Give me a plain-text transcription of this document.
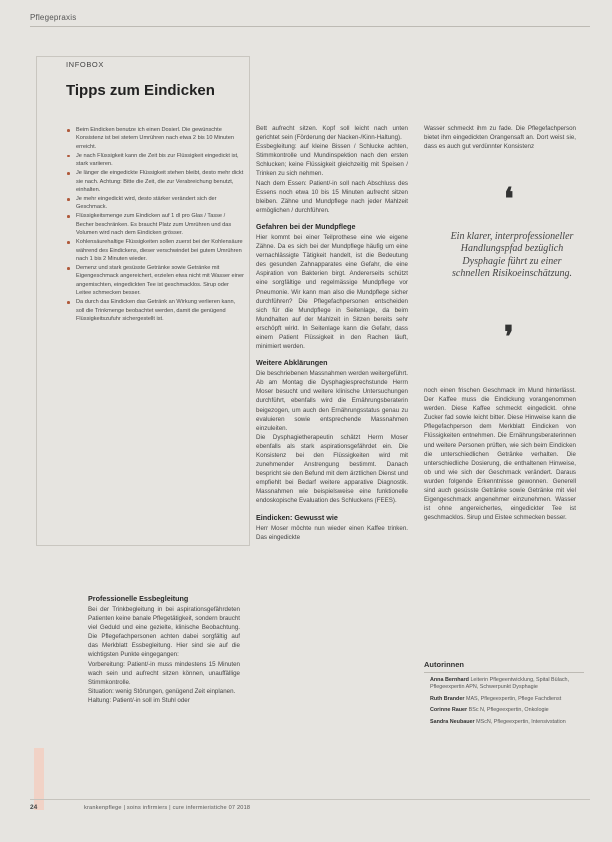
Pflegepraxis
INFOBOX
Tipps zum Eindicken
Beim Eindicken benutze ich einen Dosierl. Die gewünschte Konsistenz ist bei stetem Umrühren nach etwa 2 bis 10 Minuten erreicht.
Je nach Flüssigkeit kann die Zeit bis zur Flüssigkeit eingedickt ist, stark variieren.
Je länger die eingedickte Flüssigkeit stehen bleibt, desto mehr dickt sie nach. Achtung: Bitte die Zeit, die zur Verabreichung benutzt, einhalten.
Je mehr eingedickt wird, desto stärker verändert sich der Geschmack.
Flüssigkeitsmenge zum Eindicken auf 1 dl pro Glas / Tasse / Becher beschränken. Es braucht Platz zum Umrühren und das Volumen wird nach dem Eindicken grösser.
Kohlensäurehaltige Flüssigkeiten sollen zuerst bei der Kohlensäure während des Eindickens, dieser verschwindet bei gutem Umrühren nach 1 bis 2 Minuten wieder.
Demenz und stark gesüsste Getränke sowie Getränke mit Eigengeschmack angereichert, erzielen etwa nicht mit Wasser einer angemischten, eingedickten Tee ist geschmacklos. Sirup oder Leitee schmecken besser.
Da durch das Eindicken das Getränk an Wirkung verlieren kann, soll die Trinkmenge beobachtet werden, damit die genügend Flüssigkeitszufuhr sichergestellt ist.
Professionelle Essbegleitung

Bei der Trinkbegleitung in bei aspirationsgefährdeten Patienten keine banale Pflegetätigkeit, sondern braucht viel Geduld und eine gezielte, klinische Beobachtung. Die Pflegefachpersonen achten dabei sorgfältig auf das Merkblatt Essbegleitung. Hier sind sie auf die wichtigsten Punkte eingegangen:

Vorbereitung: Patient/-in muss mindestens 15 Minuten wach sein und aufrecht sitzen können, unauffällige Stimmkontrolle.

Situation: wenig Störungen, genügend Zeit einplanen.

Haltung: Patient/-in soll im Stuhl oder

Bett aufrecht sitzen. Kopf soll leicht nach unten gerichtet sein (Förderung der Nacken-/Kinn-Haltung).

Essbegleitung: auf kleine Bissen / Schlucke achten, Stimmkontrolle und Mundinspektion nach den ersten Schlucken; keine Flüssigkeit gleichzeitig mit Speisen / Trinken zu sich nehmen.

Nach dem Essen: Patient/-in soll nach Abschluss des Essens noch etwa 10 bis 15 Minuten aufrecht sitzen bleiben. Zähne und Mundpflege nach jeder Mahlzeit ermöglichen / durchführen.

Gefahren bei der Mundpflege

Hier kommt bei einer Teilprothese eine wie eigene Zähne. Da es sich bei der Mundpflege häufig um eine vernachlässigte Tätigkeit handelt, ist die Bedeutung des gesunden Zahnapparates eine Gefahr, die eine Aspiration von Bakterien birgt. Andererseits schützt eine sorgfältige und regelmässige Mundpflege vor Pneumonie. Wir kann man also die Mundpflege sicher durchführen? Die Pflegefachpersonen entscheiden sich für die Mundpflege in Seitenlage, da beim Mundhalten auf der Mahlzeit in Sitzen bereits sehr erschöpft wirkt. In Seitenlage kann die Gefahr, dass einem Patient Flüssigkeit in den Rachen läuft, minimiert werden.

Weitere Abklärungen

Die beschriebenen Massnahmen werden weitergeführt. Ab am Montag die Dysphagiesprechstunde Herrn Moser besucht und weitere klinische Untersuchungen durchführt, ebenfalls wird die Ernährungsberaterin beigezogen, um auch den Ernährungsstatus genau zu evaluieren sowie entsprechende Massnahmen einzuleiten.

Die Dysphagietherapeutin schätzt Herrn Moser ebenfalls als stark aspirationsgefährdet ein. Die Konsistenz bei den Flüssigkeiten wird mit zunehmender Anstrengung bestimmt. Danach bespricht sie den Befund mit dem ärztlichen Dienst und empfiehlt bei Bedarf weitere apparative Diagnostik. Massnahmen wie beispielsweise eine funktionelle endoskopische Evaluation des Schluckens (FEES).

Eindicken: Gewusst wie

Herr Moser möchte nun wieder einen Kaffee trinken. Das eingedickte

Wasser schmeckt ihm zu fade. Die Pflegefachperson bietet ihm eingedickten Orangensaft an. Dort weist sie, dass es auch gut verdünnter Konsistenz

❛
Ein klarer, interprofessioneller Handlungspfad bezüglich Dysphagie führt zu einer schnellen Risikoeinschätzung.
❜

noch einen frischen Geschmack im Mund hinterlässt. Der Kaffee muss die Eindickung vorangenommen werden. Diese Kaffee schmeckt eingedickt. ohne Zucker fad sowie leicht bitter. Diese Hinweise kann die Pflegefachperson dem Merkblatt Eindicken von Flüssigkeiten entnehmen. Die Ernährungsberaterinnen und weitere Personen prüften, wie sich beim Eindicken die unterschiedlichen Getränke verhalten. Die unterschiedliche Dosierung, die enthaltenen Hinweise, ob und wie sich der Geschmack verändert. Daraus wurden folgende Erkenntnisse gewonnen. Generell sind auch gesüsste Getränke sowie Getränke mit viel Eigengeschmack angenehmer einzunehmen. Wasser ist ohne angereichertes, eingedickter Tee ist geschmacklos. Sirup und Eistee schmecken besser.

Autorinnen
Anna Bernhard Leiterin Pflegeentwicklung, Spital Bülach, Pflegeexpertin APN, Schwerpunkt Dysphagie
Ruth Brander MAS, Pflegeexpertin, Pflege Fachdienst
Corinne Rauer BSc N, Pflegeexpertin, Onkologie
Sandra Neubauer MScN, Pflegeexpertin, Intensivstation
24	krankenpflege | soins infirmiers | cure infermieristiche 07 2018
